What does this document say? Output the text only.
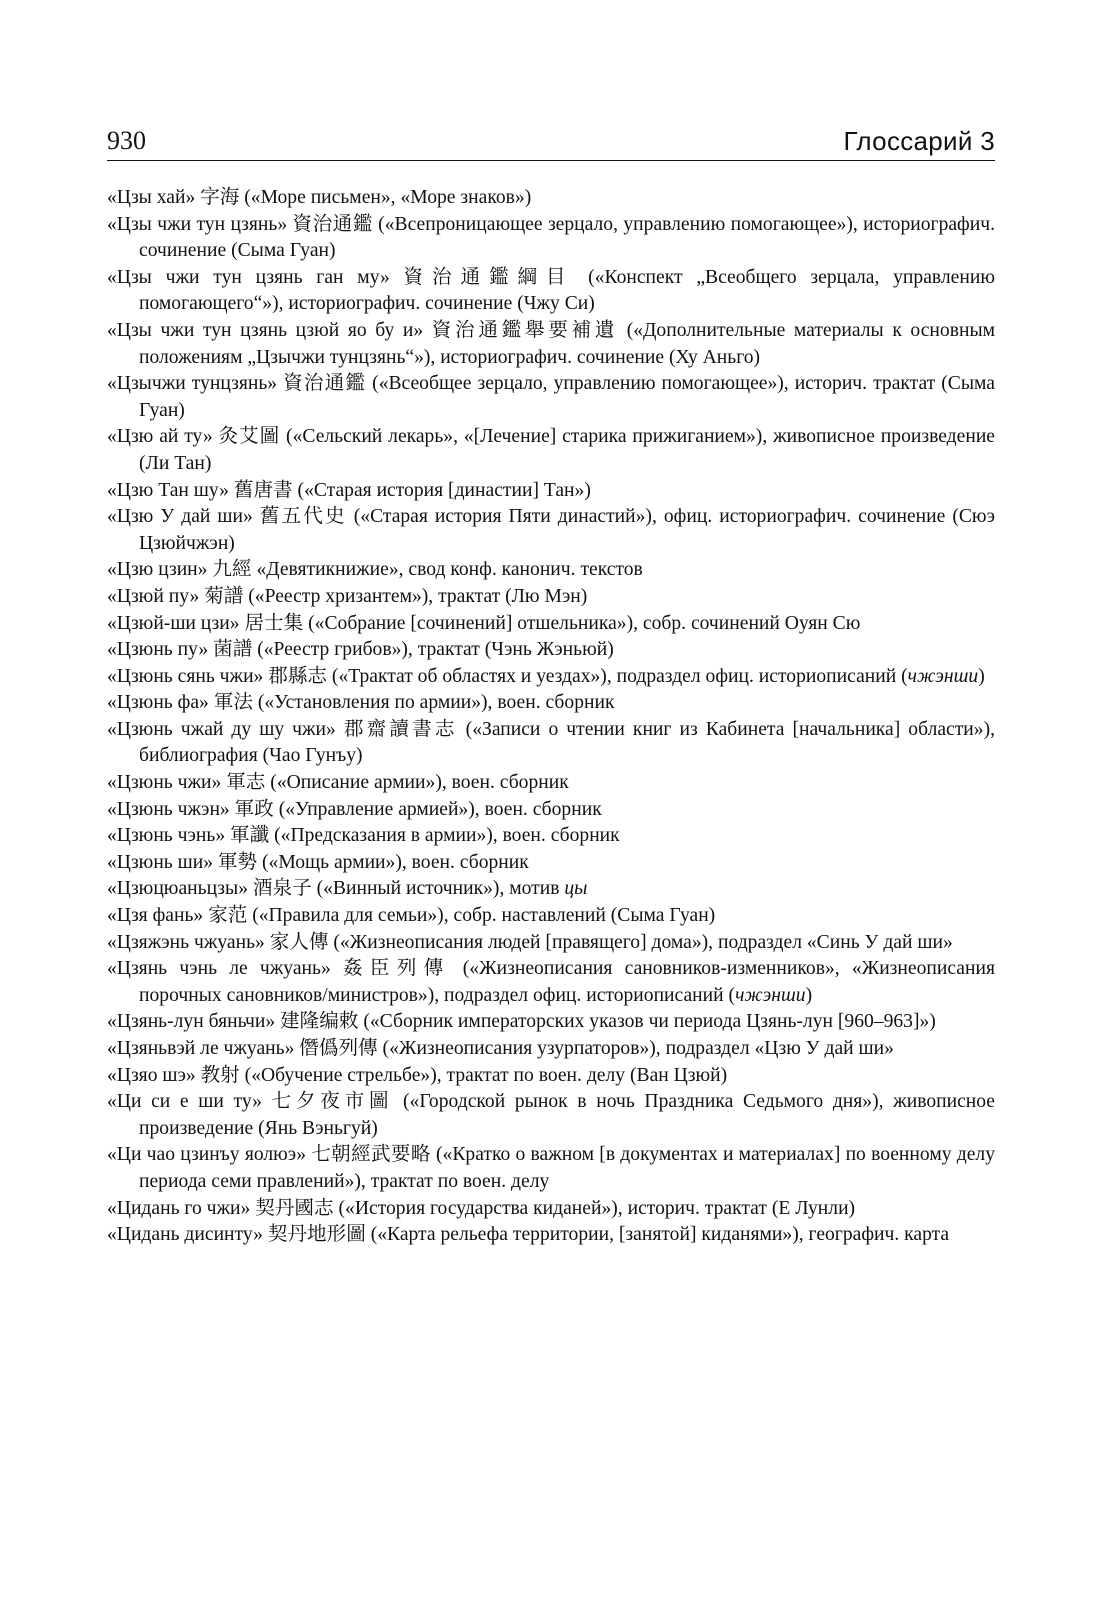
930	Глоссарий 3

«Цзы хай» 字海 («Море письмен», «Море знаков»)

«Цзы чжи тун цзянь» 資治通鑑 («Всепроницающее зерцало, управлению помогающее»), историографич. сочинение (Сыма Гуан)

«Цзы чжи тун цзянь ган му» 資治通鑑綱目 («Конспект „Всеобщего зерцала, управлению помогающего“»), историографич. сочинение (Чжу Си)

«Цзы чжи тун цзянь цзюй яо бу и» 資治通鑑舉要補遺 («Дополнительные материалы к основным положениям „Цзычжи тунцзянь“»), историографич. сочинение (Ху Аньго)

«Цзычжи тунцзянь» 資治通鑑 («Всеобщее зерцало, управлению помогающее»), историч. трактат (Сыма Гуан)

«Цзю ай ту» 灸艾圖 («Сельский лекарь», «[Лечение] старика прижиганием»), живописное произведение (Ли Тан)

«Цзю Тан шу» 舊唐書 («Старая история [династии] Тан»)

«Цзю У дай ши» 舊五代史 («Старая история Пяти династий»), офиц. историографич. сочинение (Сюэ Цзюйчжэн)

«Цзю цзин» 九經 «Девятикнижие», свод конф. канонич. текстов

«Цзюй пу» 菊譜 («Реестр хризантем»), трактат (Лю Мэн)

«Цзюй-ши цзи» 居士集 («Собрание [сочинений] отшельника»), собр. сочинений Оуян Сю

«Цзюнь пу» 菌譜 («Реестр грибов»), трактат (Чэнь Жэньюй)

«Цзюнь сянь чжи» 郡縣志 («Трактат об областях и уездах»), подраздел офиц. историописаний (чжэнши)

«Цзюнь фа» 軍法 («Установления по армии»), воен. сборник

«Цзюнь чжай ду шу чжи» 郡齋讀書志 («Записи о чтении книг из Кабинета [начальника] области»), библиография (Чао Гунъу)

«Цзюнь чжи» 軍志 («Описание армии»), воен. сборник

«Цзюнь чжэн» 軍政 («Управление армией»), воен. сборник

«Цзюнь чэнь» 軍讖 («Предсказания в армии»), воен. сборник

«Цзюнь ши» 軍勢 («Мощь армии»), воен. сборник

«Цзюцюаньцзы» 酒泉子 («Винный источник»), мотив цы

«Цзя фань» 家范 («Правила для семьи»), собр. наставлений (Сыма Гуан)

«Цзяжэнь чжуань» 家人傳 («Жизнеописания людей [правящего] дома»), подраздел «Синь У дай ши»

«Цзянь чэнь ле чжуань» 姦臣列傳 («Жизнеописания сановников-изменников», «Жизнеописания порочных сановников/министров»), подраздел офиц. историописаний (чжэнши)

«Цзянь-лун бяньчи» 建隆编敕 («Сборник императорских указов чи периода Цзянь-лун [960–963]»)

«Цзяньвэй ле чжуань» 僭僞列傳 («Жизнеописания узурпаторов»), подраздел «Цзю У дай ши»

«Цзяо шэ» 教射 («Обучение стрельбе»), трактат по воен. делу (Ван Цзюй)

«Ци си е ши ту» 七夕夜市圖 («Городской рынок в ночь Праздника Седьмого дня»), живописное произведение (Янь Вэньгуй)

«Ци чао цзинъу яолюэ» 七朝經武要略 («Кратко о важном [в документах и материалах] по военному делу периода семи правлений»), трактат по воен. делу

«Цидань го чжи» 契丹國志 («История государства киданей»), историч. трактат (Е Лунли)

«Цидань дисинту» 契丹地形圖 («Карта рельефа территории, [занятой] киданями»), географич. карта
